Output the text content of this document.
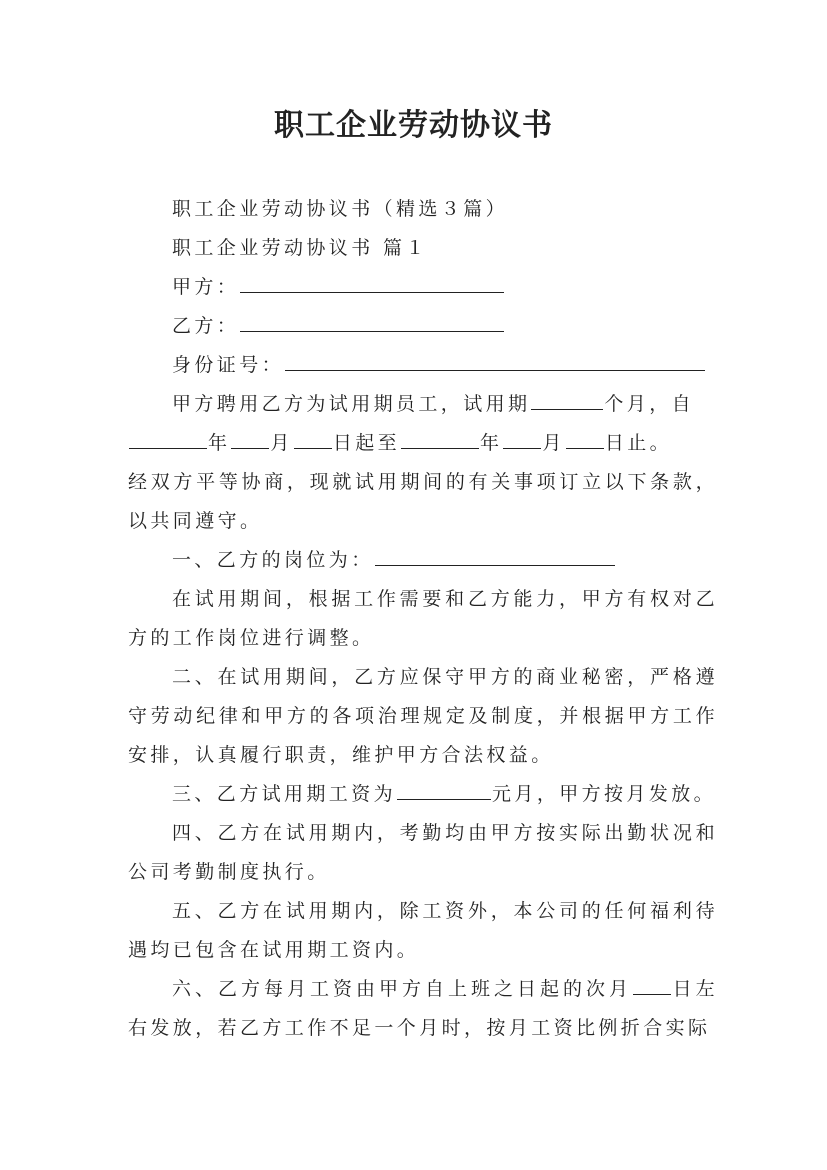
职工企业劳动协议书

职工企业劳动协议书（精选３篇）

职工企业劳动协议书 篇１

甲方：

乙方：

身份证号：

甲方聘用乙方为试用期员工，试用期	个月，自

年 月 日起至	年 月 日止。

经双方平等协商，现就试用期间的有关事项订立以下条款，以共同遵守。

一、乙方的岗位为：

在试用期间，根据工作需要和乙方能力，甲方有权对乙方的工作岗位进行调整。

二、在试用期间，乙方应保守甲方的商业秘密，严格遵守劳动纪律和甲方的各项治理规定及制度，并根据甲方工作安排，认真履行职责，维护甲方合法权益。

三、乙方试用期工资为	元月，甲方按月发放。

四、乙方在试用期内，考勤均由甲方按实际出勤状况和公司考勤制度执行。

五、乙方在试用期内，除工资外，本公司的任何福利待遇均已包含在试用期工资内。

六、乙方每月工资由甲方自上班之日起的次月 日左右发放，若乙方工作不足一个月时，按月工资比例折合实际
